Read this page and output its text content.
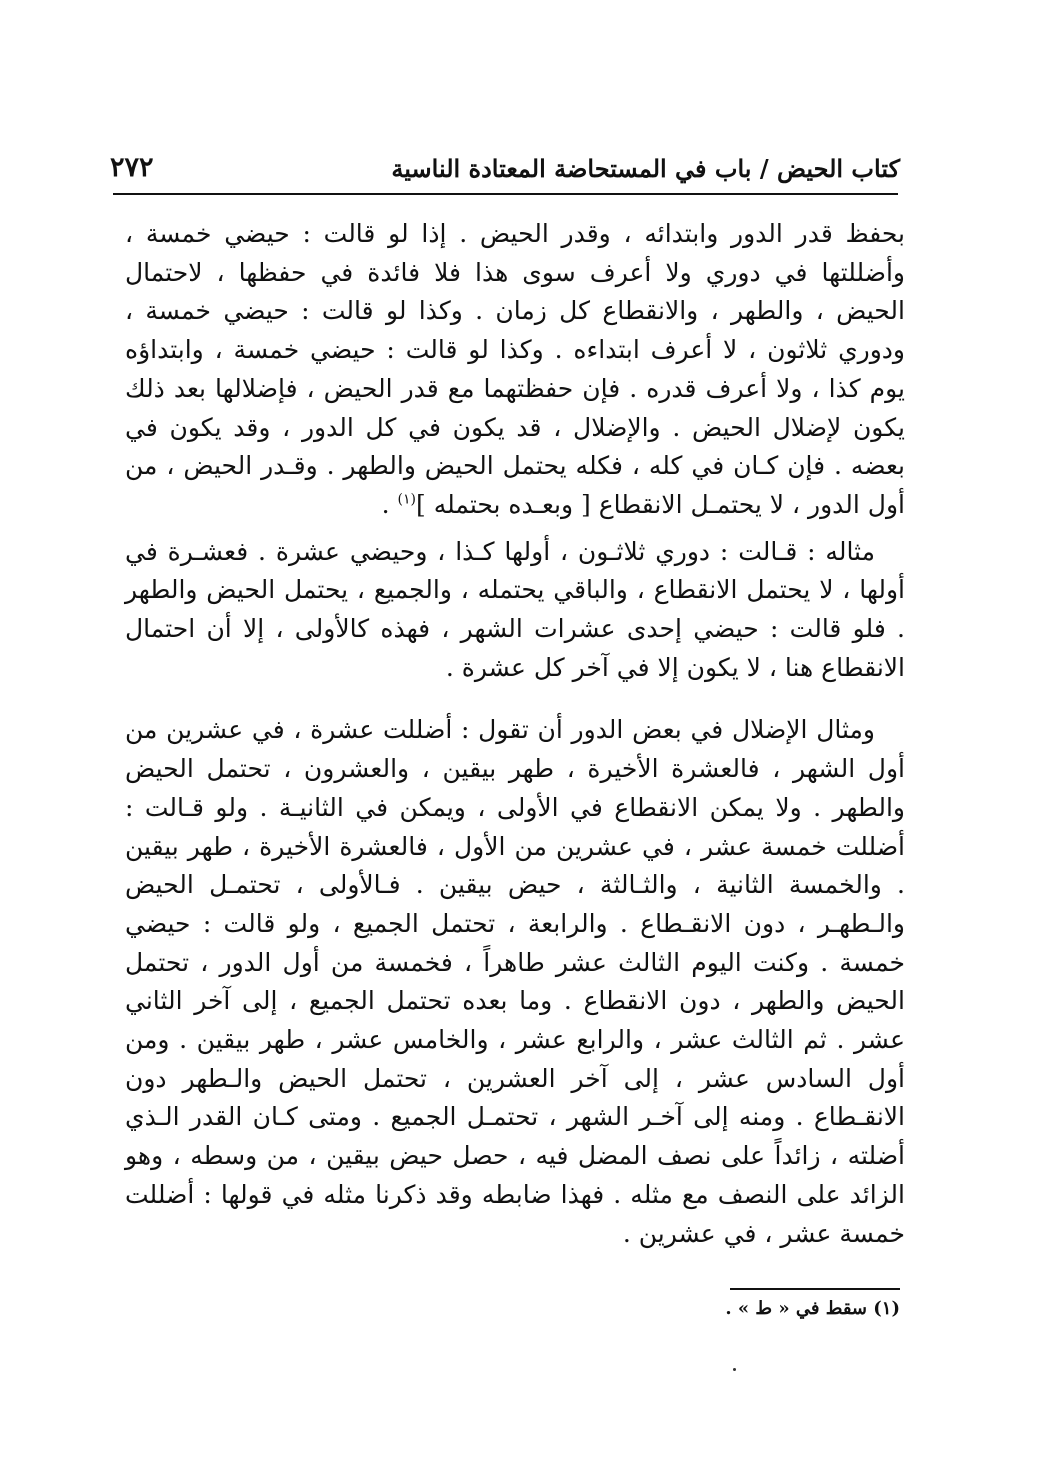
كتاب الحيض / باب في المستحاضة المعتادة الناسية
٢٧٢

بحفظ قدر الدور وابتدائه ، وقدر الحيض . إذا لو قالت : حيضي خمسة ، وأضللتها في دوري ولا أعرف سوى هذا فلا فائدة في حفظها ، لاحتمال الحيض ، والطهر ، والانقطاع كل زمان . وكذا لو قالت : حيضي خمسة ، ودوري ثلاثون ، لا أعرف ابتداءه . وكذا لو قالت : حيضي خمسة ، وابتداؤه يوم كذا ، ولا أعرف قدره . فإن حفظتهما مع قدر الحيض ، فإضلالها بعد ذلك يكون لإضلال الحيض . والإضلال ، قد يكون في كل الدور ، وقد يكون في بعضه . فإن كـان في كله ، فكله يحتمل الحيض والطهر . وقـدر الحيض ، من أول الدور ، لا يحتمـل الانقطاع [ وبعـده بحتمله ]$^{(١)}$ .

مثاله : قـالت : دوري ثلاثـون ، أولها كـذا ، وحيضي عشرة . فعشـرة في أولها ، لا يحتمل الانقطاع ، والباقي يحتمله ، والجميع ، يحتمل الحيض والطهر . فلو قالت : حيضي إحدى عشرات الشهر ، فهذه كالأولى ، إلا أن احتمال الانقطاع هنا ، لا يكون إلا في آخر كل عشرة .

ومثال الإضلال في بعض الدور أن تقول : أضللت عشرة ، في عشرين من أول الشهر ، فالعشرة الأخيرة ، طهر بيقين ، والعشرون ، تحتمل الحيض والطهر . ولا يمكن الانقطاع في الأولى ، ويمكن في الثانيـة . ولو قـالت : أضللت خمسة عشر ، في عشرين من الأول ، فالعشرة الأخيرة ، طهر بيقين . والخمسة الثانية ، والثـالثة ، حيض بيقين . فـالأولى ، تحتمـل الحيض والـطهـر ، دون الانقـطاع . والرابعة ، تحتمل الجميع ، ولو قالت : حيضي خمسة . وكنت اليوم الثالث عشر طاهراً ، فخمسة من أول الدور ، تحتمل الحيض والطهر ، دون الانقطاع . وما بعده تحتمل الجميع ، إلى آخر الثاني عشر . ثم الثالث عشر ، والرابع عشر ، والخامس عشر ، طهر بيقين . ومن أول السادس عشر ، إلى آخر العشرين ، تحتمل الحيض والـطهر دون الانقـطاع . ومنه إلى آخـر الشهر ، تحتمـل الجميع . ومتى كـان القدر الـذي أضلته ، زائداً على نصف المضل فيه ، حصل حيض بيقين ، من وسطه ، وهو الزائد على النصف مع مثله . فهذا ضابطه وقد ذكرنا مثله في قولها : أضللت خمسة عشر ، في عشرين .

(١) سقط في « ط » .
